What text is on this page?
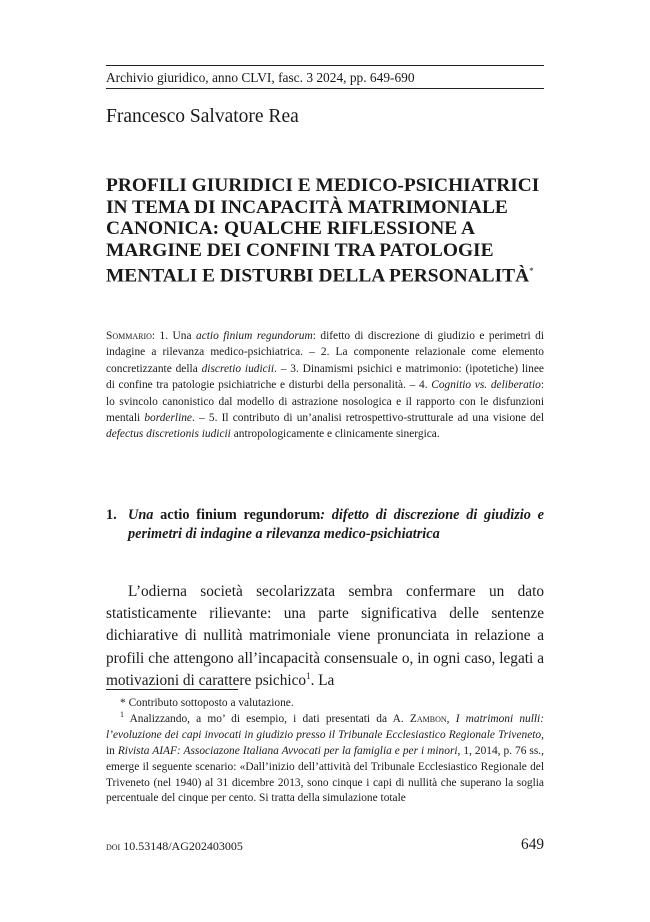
Archivio giuridico, anno CLVI, fasc. 3 2024, pp. 649-690
Francesco Salvatore Rea
PROFILI GIURIDICI E MEDICO-PSICHIATRICI IN TEMA DI INCAPACITÀ MATRIMONIALE CANONICA: QUALCHE RIFLESSIONE A MARGINE DEI CONFINI TRA PATOLOGIE MENTALI E DISTURBI DELLA PERSONALITÀ*

Sommario: 1. Una actio finium regundorum: difetto di discrezione di giudizio e perimetri di indagine a rilevanza medico-psichiatrica. – 2. La componente relazionale come elemento concretizzante della discretio iudicii. – 3. Dinamismi psichici e matrimonio: (ipotetiche) linee di confine tra patologie psichiatriche e disturbi della personalità. – 4. Cognitio vs. deliberatio: lo svincolo canonistico dal modello di astrazione nosologica e il rapporto con le disfunzioni mentali borderline. – 5. Il contributo di un’analisi retrospettivo-strutturale ad una visione del defectus discretionis iudicii antropologicamente e clinicamente sinergica.

1. Una actio finium regundorum: difetto di discrezione di giudizio e perimetri di indagine a rilevanza medico-psichiatrica

L’odierna società secolarizzata sembra confermare un dato statisticamente rilievante: una parte significativa delle sentenze dichiarative di nullità matrimoniale viene pronunciata in relazione a profili che attengono all’incapacità consensuale o, in ogni caso, legati a motivazioni di carattere psichico$^1$. La

* Contributo sottoposto a valutazione.

$^1$ Analizzando, a mo’ di esempio, i dati presentati da A. Zambon, I matrimoni nulli: l’evoluzione dei capi invocati in giudizio presso il Tribunale Ecclesiastico Regionale Triveneto, in Rivista AIAF: Associazone Italiana Avvocati per la famiglia e per i minori, 1, 2014, p. 76 ss., emerge il seguente scenario: «Dall’inizio dell’attività del Tribunale Ecclesiastico Regionale del Triveneto (nel 1940) al 31 dicembre 2013, sono cinque i capi di nullità che superano la soglia percentuale del cinque per cento. Si tratta della simulazione totale

doi 10.53148/AG202403005	649
